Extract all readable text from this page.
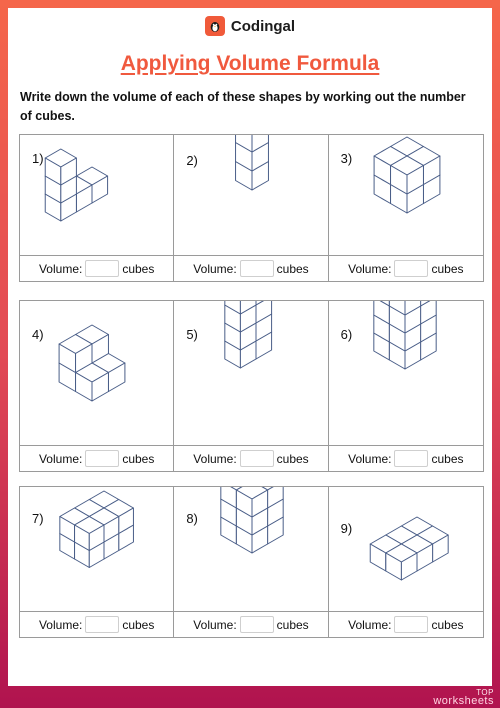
Codingal
Applying Volume Formula
Write down the volume of each of these shapes by working out the number of cubes.
1)
Volume:	cubes
2)
Volume:	cubes
3)
Volume:	cubes
4)
Volume:	cubes
5)
Volume:	cubes
6)
Volume:	cubes
7)
Volume:	cubes
8)
Volume:	cubes
9)
Volume:	cubes
TOP
worksheets
